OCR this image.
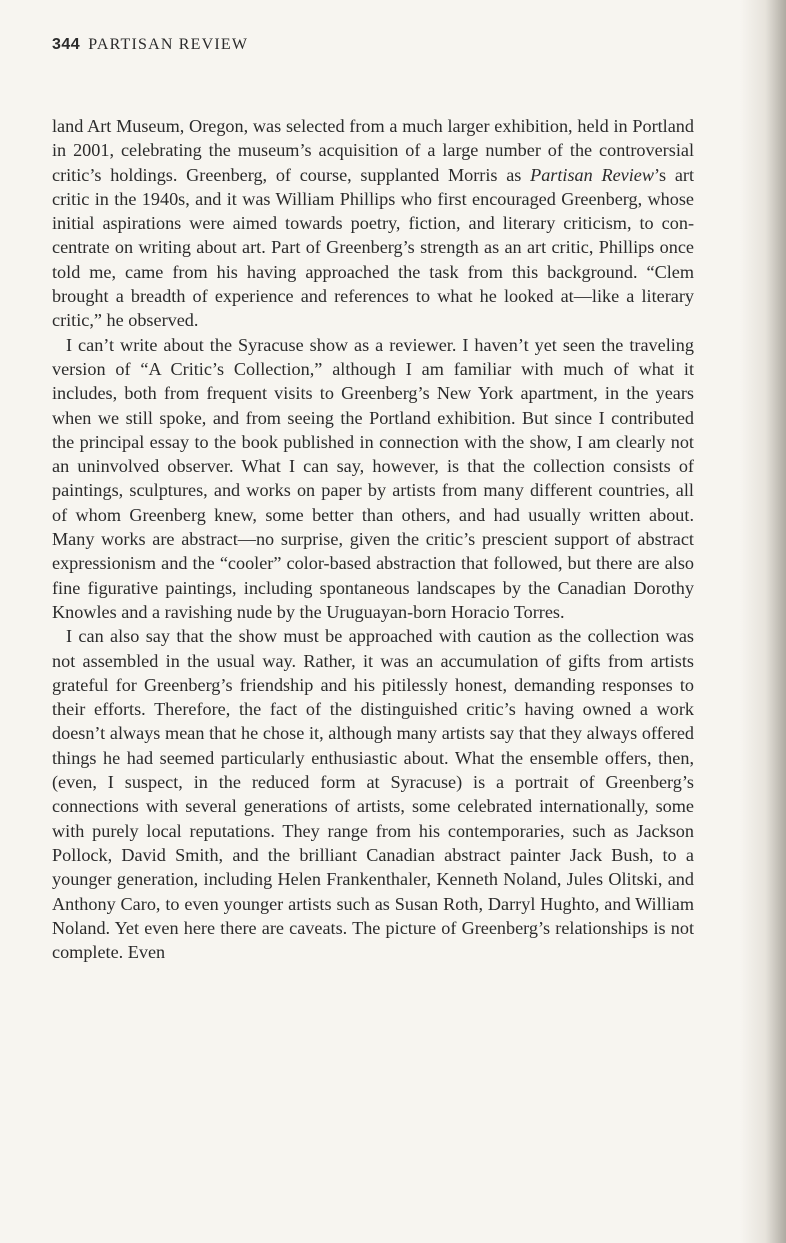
344 PARTISAN REVIEW

land Art Museum, Oregon, was selected from a much larger exhibition, held in Portland in 2001, celebrating the museum’s acquisition of a large number of the controversial critic’s holdings. Greenberg, of course, supplanted Morris as Partisan Review’s art critic in the 1940s, and it was William Phillips who first encouraged Greenberg, whose initial aspirations were aimed towards poetry, fiction, and literary criticism, to concentrate on writing about art. Part of Greenberg’s strength as an art critic, Phillips once told me, came from his having approached the task from this background. “Clem brought a breadth of experience and references to what he looked at—like a literary critic,” he observed.

I can’t write about the Syracuse show as a reviewer. I haven’t yet seen the traveling version of “A Critic’s Collection,” although I am familiar with much of what it includes, both from frequent visits to Greenberg’s New York apartment, in the years when we still spoke, and from seeing the Portland exhibition. But since I contributed the principal essay to the book published in connection with the show, I am clearly not an uninvolved observer. What I can say, however, is that the collection consists of paintings, sculptures, and works on paper by artists from many different countries, all of whom Greenberg knew, some better than others, and had usually written about. Many works are abstract—no surprise, given the critic’s prescient support of abstract expressionism and the “cooler” color-based abstraction that followed, but there are also fine figurative paintings, including spontaneous landscapes by the Canadian Dorothy Knowles and a ravishing nude by the Uruguayan-born Horacio Torres.

I can also say that the show must be approached with caution as the collection was not assembled in the usual way. Rather, it was an accumulation of gifts from artists grateful for Greenberg’s friendship and his pitilessly honest, demanding responses to their efforts. Therefore, the fact of the distinguished critic’s having owned a work doesn’t always mean that he chose it, although many artists say that they always offered things he had seemed particularly enthusiastic about. What the ensemble offers, then, (even, I suspect, in the reduced form at Syracuse) is a portrait of Greenberg’s connections with several generations of artists, some celebrated internationally, some with purely local reputations. They range from his contemporaries, such as Jackson Pollock, David Smith, and the brilliant Canadian abstract painter Jack Bush, to a younger generation, including Helen Frankenthaler, Kenneth Noland, Jules Olitski, and Anthony Caro, to even younger artists such as Susan Roth, Darryl Hughto, and William Noland. Yet even here there are caveats. The picture of Greenberg’s relationships is not complete. Even
